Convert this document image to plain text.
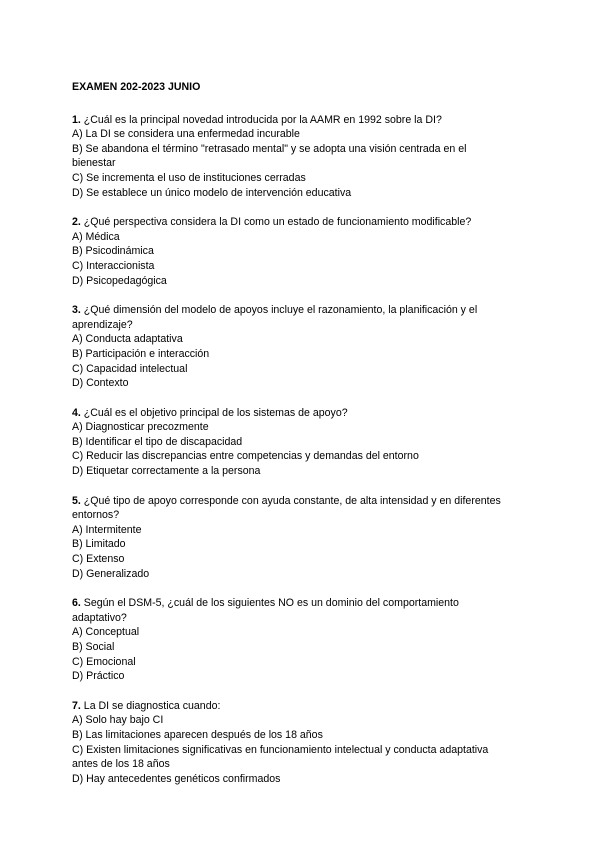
EXAMEN 202-2023 JUNIO

1. ¿Cuál es la principal novedad introducida por la AAMR en 1992 sobre la DI?

A) La DI se considera una enfermedad incurable

B) Se abandona el término "retrasado mental" y se adopta una visión centrada en el bienestar

C) Se incrementa el uso de instituciones cerradas

D) Se establece un único modelo de intervención educativa

2. ¿Qué perspectiva considera la DI como un estado de funcionamiento modificable?

A) Médica

B) Psicodinámica

C) Interaccionista

D) Psicopedagógica

3. ¿Qué dimensión del modelo de apoyos incluye el razonamiento, la planificación y el aprendizaje?

A) Conducta adaptativa

B) Participación e interacción

C) Capacidad intelectual

D) Contexto

4. ¿Cuál es el objetivo principal de los sistemas de apoyo?

A) Diagnosticar precozmente

B) Identificar el tipo de discapacidad

C) Reducir las discrepancias entre competencias y demandas del entorno

D) Etiquetar correctamente a la persona

5. ¿Qué tipo de apoyo corresponde con ayuda constante, de alta intensidad y en diferentes entornos?

A) Intermitente

B) Limitado

C) Extenso

D) Generalizado

6. Según el DSM-5, ¿cuál de los siguientes NO es un dominio del comportamiento adaptativo?

A) Conceptual

B) Social

C) Emocional

D) Práctico

7. La DI se diagnostica cuando:

A) Solo hay bajo CI

B) Las limitaciones aparecen después de los 18 años

C) Existen limitaciones significativas en funcionamiento intelectual y conducta adaptativa antes de los 18 años

D) Hay antecedentes genéticos confirmados
